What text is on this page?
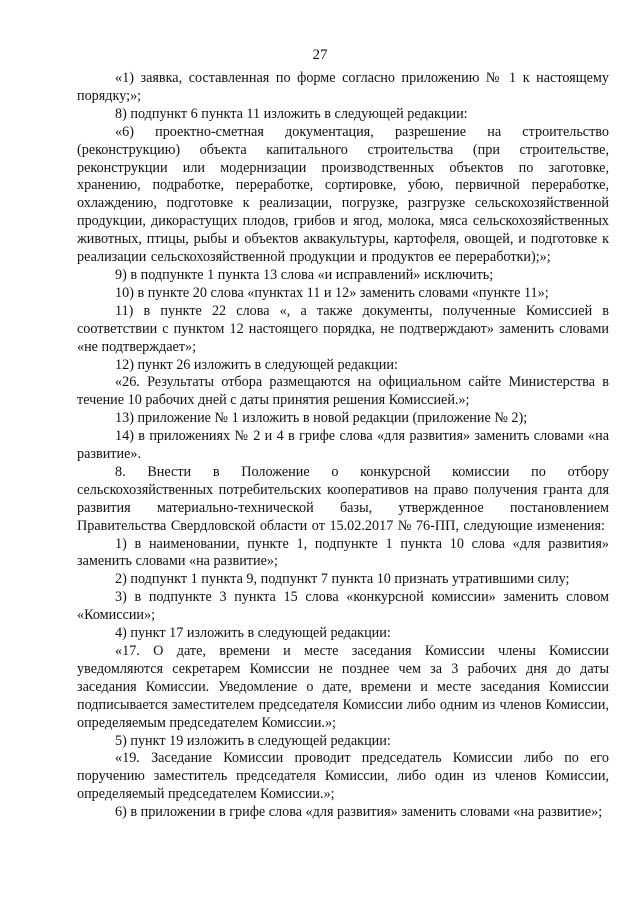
27

«1) заявка, составленная по форме согласно приложению № 1 к настоящему порядку;»;

8) подпункт 6 пункта 11 изложить в следующей редакции:

«6) проектно-сметная документация, разрешение на строительство (реконструкцию) объекта капитального строительства (при строительстве, реконструкции или модернизации производственных объектов по заготовке, хранению, подработке, переработке, сортировке, убою, первичной переработке, охлаждению, подготовке к реализации, погрузке, разгрузке сельскохозяйственной продукции, дикорастущих плодов, грибов и ягод, молока, мяса сельскохозяйственных животных, птицы, рыбы и объектов аквакультуры, картофеля, овощей, и подготовке к реализации сельскохозяйственной продукции и продуктов ее переработки);»;

9) в подпункте 1 пункта 13 слова «и исправлений» исключить;

10) в пункте 20 слова «пунктах 11 и 12» заменить словами «пункте 11»;

11) в пункте 22 слова «, а также документы, полученные Комиссией в соответствии с пунктом 12 настоящего порядка, не подтверждают» заменить словами «не подтверждает»;

12) пункт 26 изложить в следующей редакции:

«26. Результаты отбора размещаются на официальном сайте Министерства в течение 10 рабочих дней с даты принятия решения Комиссией.»;

13) приложение № 1 изложить в новой редакции (приложение № 2);

14) в приложениях № 2 и 4 в грифе слова «для развития» заменить словами «на развитие».

8. Внести в Положение о конкурсной комиссии по отбору сельскохозяйственных потребительских кооперативов на право получения гранта для развития материально-технической базы, утвержденное постановлением Правительства Свердловской области от 15.02.2017 № 76-ПП, следующие изменения:

1) в наименовании, пункте 1, подпункте 1 пункта 10 слова «для развития» заменить словами «на развитие»;

2) подпункт 1 пункта 9, подпункт 7 пункта 10 признать утратившими силу;

3) в подпункте 3 пункта 15 слова «конкурсной комиссии» заменить словом «Комиссии»;

4) пункт 17 изложить в следующей редакции:

«17. О дате, времени и месте заседания Комиссии члены Комиссии уведомляются секретарем Комиссии не позднее чем за 3 рабочих дня до даты заседания Комиссии. Уведомление о дате, времени и месте заседания Комиссии подписывается заместителем председателя Комиссии либо одним из членов Комиссии, определяемым председателем Комиссии.»;

5) пункт 19 изложить в следующей редакции:

«19. Заседание Комиссии проводит председатель Комиссии либо по его поручению заместитель председателя Комиссии, либо один из членов Комиссии, определяемый председателем Комиссии.»;

6) в приложении в грифе слова «для развития» заменить словами «на развитие»;
